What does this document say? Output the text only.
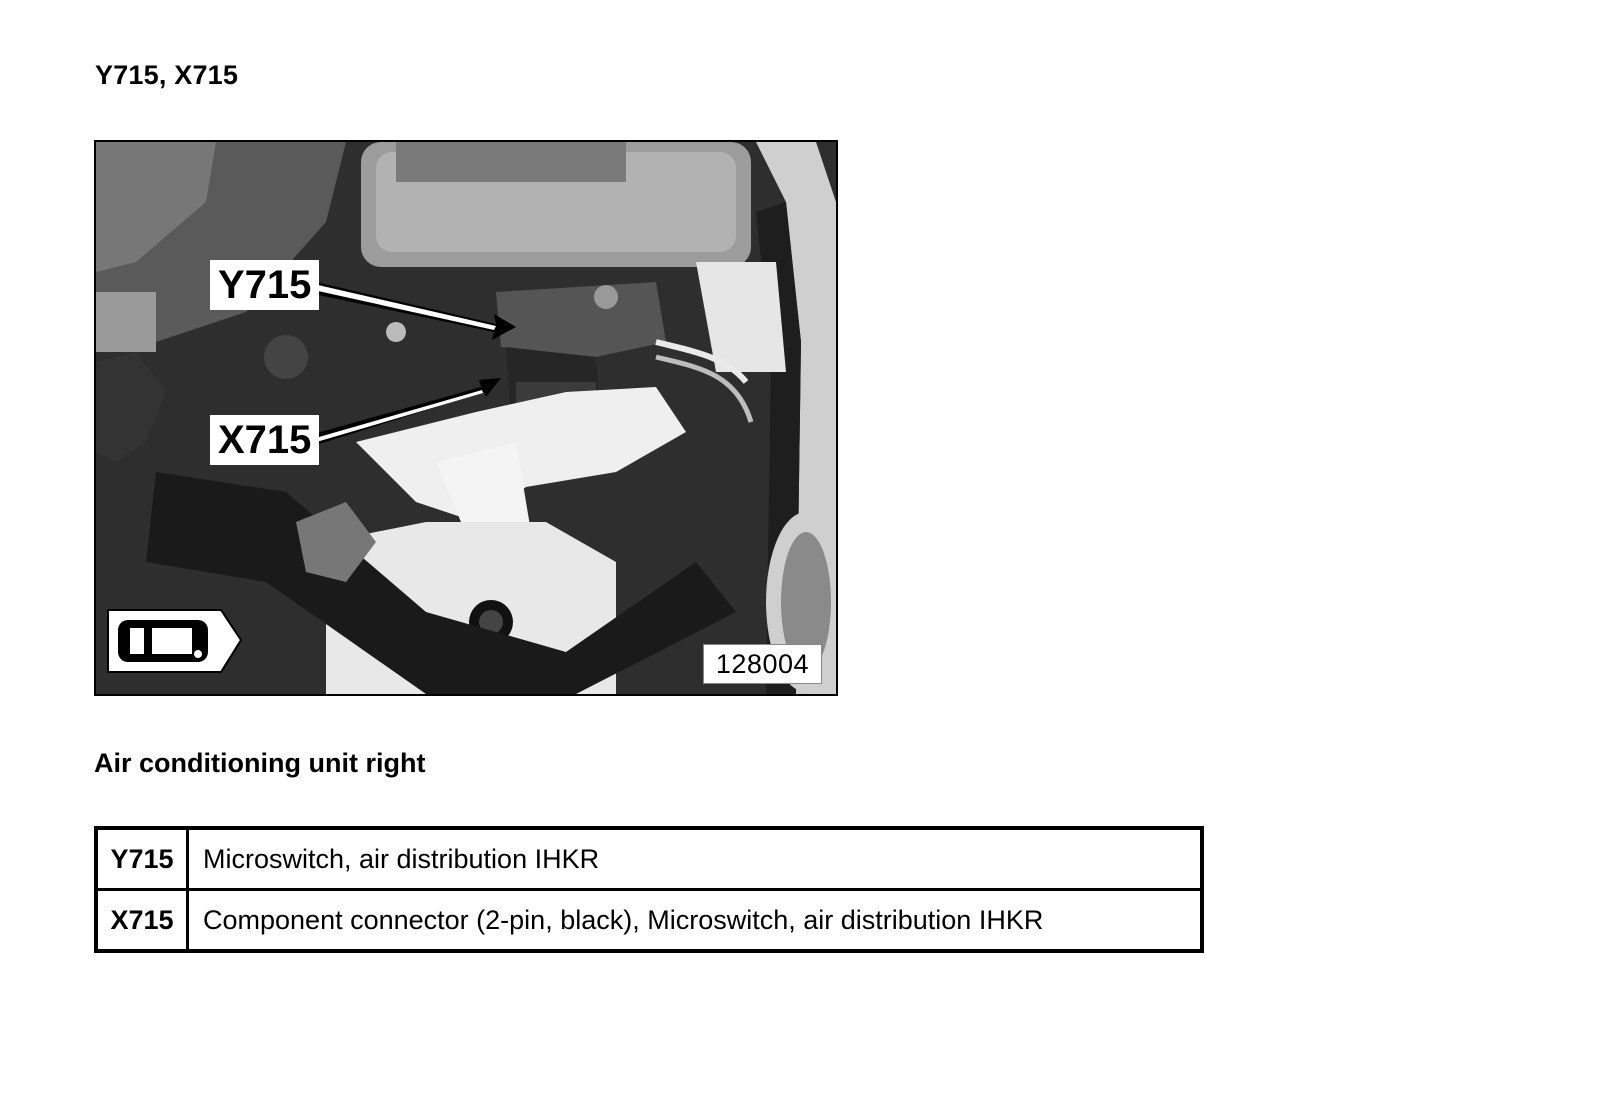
Y715, X715
Y715
X715
128004
Air conditioning unit right
Y715	Microswitch, air distribution IHKR
X715	Component connector (2-pin, black), Microswitch, air distribution IHKR
